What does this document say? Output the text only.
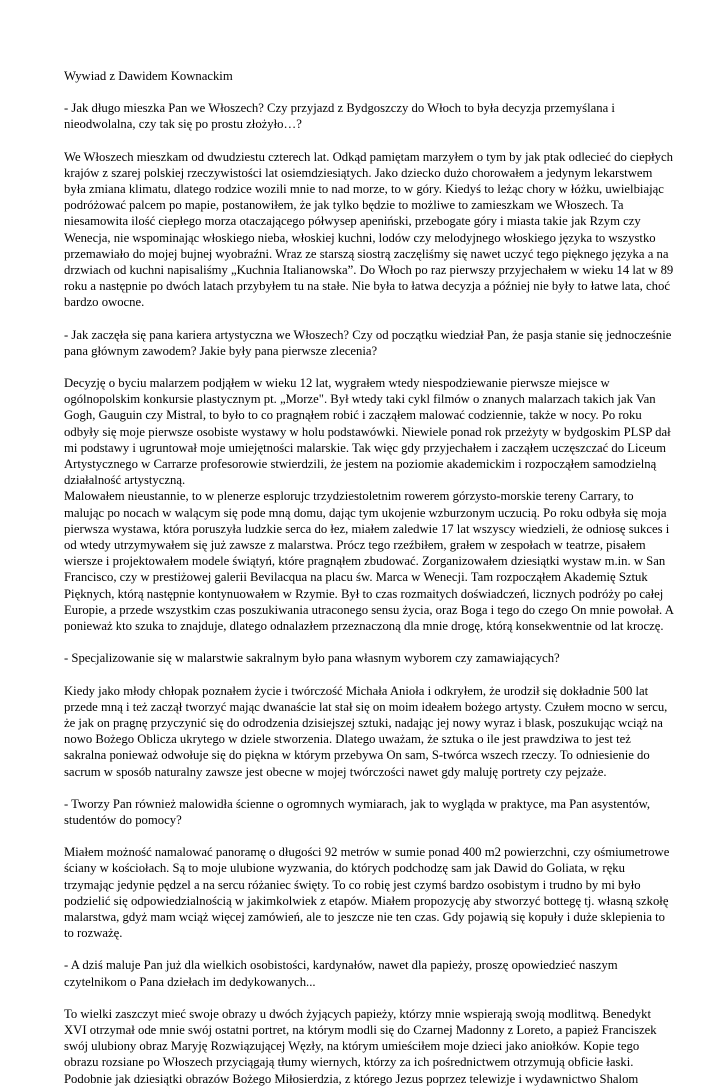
Wywiad z Dawidem Kownackim
- Jak długo mieszka Pan we Włoszech? Czy przyjazd z Bydgoszczy do Włoch to była decyzja przemyślana i
nieodwolalna, czy tak się po prostu złożyło…?
We Włoszech mieszkam od dwudziestu czterech lat. Odkąd pamiętam marzyłem o tym by jak ptak odlecieć do ciepłych
krajów z szarej polskiej rzeczywistości lat osiemdziesiątych. Jako dziecko dużo chorowałem a jedynym lekarstwem
była zmiana klimatu, dlatego rodzice wozili mnie to nad morze, to w góry. Kiedyś to leżąc chory w łóżku, uwielbiając
podróżować palcem po mapie, postanowiłem, że jak tylko będzie to możliwe to zamieszkam we Włoszech. Ta
niesamowita ilość ciepłego morza otaczającego półwysep apeniński, przebogate góry i miasta takie jak Rzym czy
Wenecja, nie wspominając włoskiego nieba, włoskiej kuchni, lodów czy melodyjnego włoskiego języka to wszystko
przemawiało do mojej bujnej wyobraźni. Wraz ze starszą siostrą zaczęliśmy się nawet uczyć tego pięknego języka a na
drzwiach od kuchni napisaliśmy „Kuchnia Italianowska”. Do Włoch po raz pierwszy przyjechałem w wieku 14 lat w 89
roku a następnie po dwóch latach przybyłem tu na stałe. Nie była to łatwa decyzja a później nie były to łatwe lata, choć
bardzo owocne.
- Jak zaczęła się pana kariera artystyczna we Włoszech? Czy od początku wiedział Pan, że pasja stanie się jednocześnie
pana głównym zawodem? Jakie były pana pierwsze zlecenia?
Decyzję o byciu malarzem podjąłem w wieku 12 lat, wygrałem wtedy niespodziewanie pierwsze miejsce w
ogólnopolskim konkursie plastycznym pt. „Morze". Był wtedy taki cykl filmów o znanych malarzach takich jak Van
Gogh, Gauguin czy Mistral, to było to co pragnąłem robić i zacząłem malować codziennie, także w nocy. Po roku
odbyły się moje pierwsze osobiste wystawy w holu podstawówki. Niewiele ponad rok przeżyty w bydgoskim PLSP dał
mi podstawy i ugruntował moje umiejętności malarskie. Tak więc gdy przyjechałem i zacząłem uczęszczać do Liceum
Artystycznego w Carrarze profesorowie stwierdzili, że jestem na poziomie akademickim i rozpocząłem samodzielną
działalność artystyczną.
Malowałem nieustannie, to w plenerze esplorujc trzydziestoletnim rowerem górzysto-morskie tereny Carrary, to
malując po nocach w walącym się pode mną domu, dając tym ukojenie wzburzonym uczucią. Po roku odbyła się moja
pierwsza wystawa, która poruszyła ludzkie serca do łez, miałem zaledwie 17 lat wszyscy wiedzieli, że odniosę sukces i
od wtedy utrzymywałem się już zawsze z malarstwa. Prócz tego rzeźbiłem, grałem w zespołach w teatrze, pisałem
wiersze i projektowałem modele świątyń, które pragnąłem zbudować. Zorganizowałem dziesiątki wystaw m.in. w San
Francisco, czy w prestiżowej galerii Bevilacqua na placu św. Marca w Wenecji. Tam rozpocząłem Akademię Sztuk
Pięknych, którą następnie kontynuowałem w Rzymie. Był to czas rozmaitych doświadczeń, licznych podróży po całej
Europie, a przede wszystkim czas poszukiwania utraconego sensu życia, oraz Boga i tego do czego On mnie powołał. A
ponieważ kto szuka to znajduje, dlatego odnalazłem przeznaczoną dla mnie drogę, którą konsekwentnie od lat kroczę.
- Specjalizowanie się w malarstwie sakralnym było pana własnym wyborem czy zamawiających?
Kiedy jako młody chłopak poznałem życie i twórczość Michała Anioła i odkryłem, że urodził się dokładnie 500 lat
przede mną i też zaczął tworzyć mając dwanaście lat stał się on moim ideałem bożego artysty. Czułem mocno w sercu,
że jak on pragnę przyczynić się do odrodzenia dzisiejszej sztuki, nadając jej nowy wyraz i blask, poszukując wciąż na
nowo Bożego Oblicza ukrytego w dziele stworzenia. Dlatego uważam, że sztuka o ile jest prawdziwa to jest też
sakralna ponieważ odwołuje się do piękna w którym przebywa On sam, S-twórca wszech rzeczy. To odniesienie do
sacrum w sposób naturalny zawsze jest obecne w mojej twórczości nawet gdy maluję portrety czy pejzaże.
- Tworzy Pan również malowidła ścienne o ogromnych wymiarach, jak to wygląda w praktyce, ma Pan asystentów,
studentów do pomocy?
Miałem możność namalować panoramę o długości 92 metrów w sumie ponad 400 m2 powierzchni, czy ośmiumetrowe
ściany w kościołach. Są to moje ulubione wyzwania, do których podchodzę sam jak Dawid do Goliata, w ręku
trzymając jedynie pędzel a na sercu różaniec święty. To co robię jest czymś bardzo osobistym i trudno by mi było
podzielić się odpowiedzialnością w jakimkolwiek z etapów. Miałem propozycję aby stworzyć bottegę tj. własną szkołę
malarstwa, gdyż mam wciąż więcej zamówień, ale to jeszcze nie ten czas. Gdy pojawią się kopuły i duże sklepienia to
to rozważę.
- A dziś maluje Pan już dla wielkich osobistości, kardynałów, nawet dla papieży, proszę opowiedzieć naszym
czytelnikom o Pana dziełach im dedykowanych...
To wielki zaszczyt mieć swoje obrazy u dwóch żyjących papieży, którzy mnie wspierają swoją modlitwą. Benedykt
XVI otrzymał ode mnie swój ostatni portret, na którym modli się do Czarnej Madonny z Loreto, a papież Franciszek
swój ulubiony obraz Maryję Rozwiązującej Węzły, na którym umieściłem moje dzieci jako aniołków. Kopie tego
obrazu rozsiane po Włoszech przyciągają tłumy wiernych, którzy za ich pośrednictwem otrzymują obficie łaski.
Podobnie jak dziesiątki obrazów Bożego Miłosierdzia, z którego Jezus poprzez telewizje i wydawnictwo Shalom
